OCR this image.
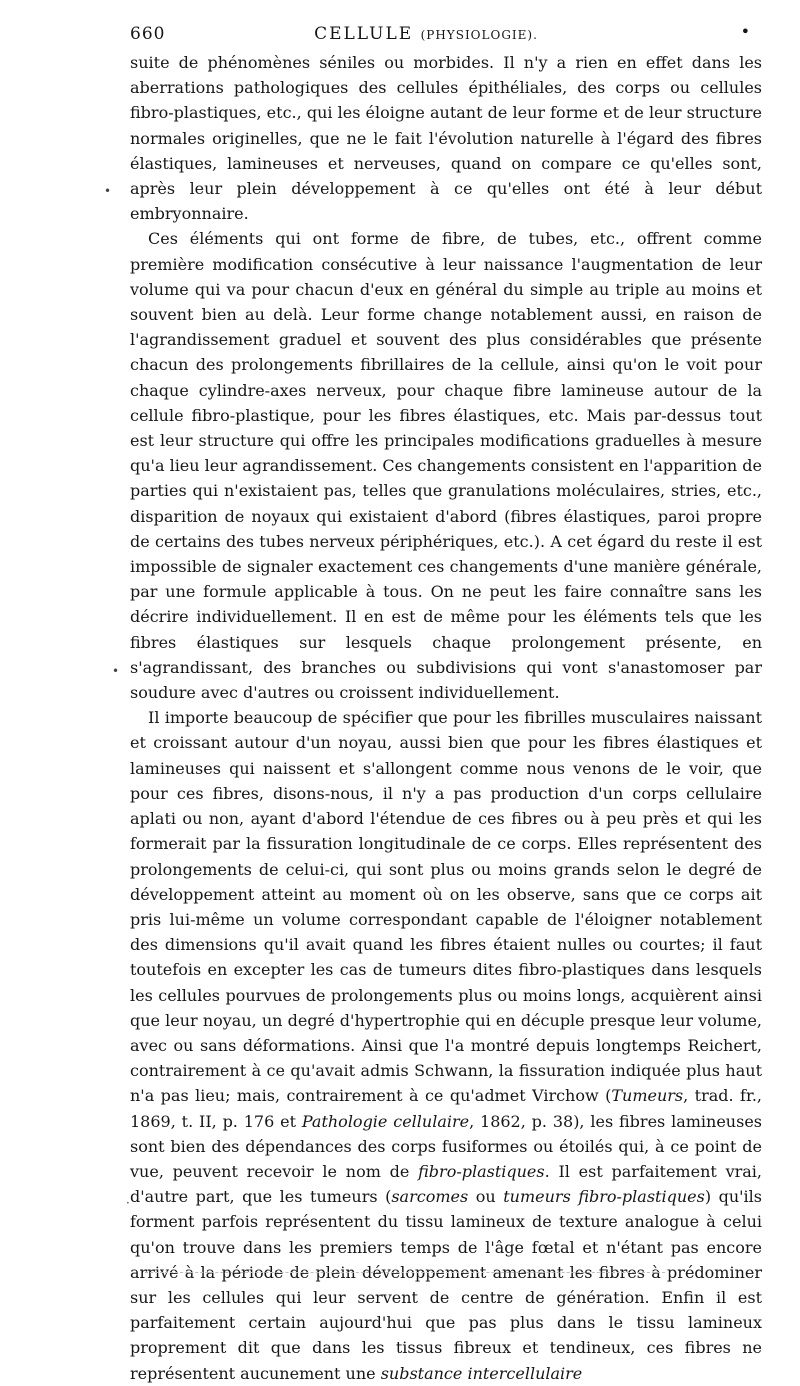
660	CELLULE (PHYSIOLOGIE).	•

suite de phénomènes séniles ou morbides. Il n'y a rien en effet dans les aberrations pathologiques des cellules épithéliales, des corps ou cellules fibro-plastiques, etc., qui les éloigne autant de leur forme et de leur structure normales originelles, que ne le fait l'évolution naturelle à l'égard des fibres élastiques, lamineuses et nerveuses, quand on compare ce qu'elles sont, après leur plein développement à ce qu'elles ont été à leur début embryonnaire.

Ces éléments qui ont forme de fibre, de tubes, etc., offrent comme première modification consécutive à leur naissance l'augmentation de leur volume qui va pour chacun d'eux en général du simple au triple au moins et souvent bien au delà. Leur forme change notablement aussi, en raison de l'agrandissement graduel et souvent des plus considérables que présente chacun des prolongements fibrillaires de la cellule, ainsi qu'on le voit pour chaque cylindre-axes nerveux, pour chaque fibre lamineuse autour de la cellule fibro-plastique, pour les fibres élastiques, etc. Mais par-dessus tout est leur structure qui offre les principales modifications graduelles à mesure qu'a lieu leur agrandissement. Ces changements consistent en l'apparition de parties qui n'existaient pas, telles que granulations moléculaires, stries, etc., disparition de noyaux qui existaient d'abord (fibres élastiques, paroi propre de certains des tubes nerveux périphériques, etc.). A cet égard du reste il est impossible de signaler exactement ces changements d'une manière générale, par une formule applicable à tous. On ne peut les faire connaître sans les décrire individuellement. Il en est de même pour les éléments tels que les fibres élastiques sur lesquels chaque prolongement présente, en s'agrandissant, des branches ou subdivisions qui vont s'anastomoser par soudure avec d'autres ou croissent individuellement.

Il importe beaucoup de spécifier que pour les fibrilles musculaires naissant et croissant autour d'un noyau, aussi bien que pour les fibres élastiques et lamineuses qui naissent et s'allongent comme nous venons de le voir, que pour ces fibres, disons-nous, il n'y a pas production d'un corps cellulaire aplati ou non, ayant d'abord l'étendue de ces fibres ou à peu près et qui les formerait par la fissuration longitudinale de ce corps. Elles représentent des prolongements de celui-ci, qui sont plus ou moins grands selon le degré de développement atteint au moment où on les observe, sans que ce corps ait pris lui-même un volume correspondant capable de l'éloigner notablement des dimensions qu'il avait quand les fibres étaient nulles ou courtes; il faut toutefois en excepter les cas de tumeurs dites fibro-plastiques dans lesquels les cellules pourvues de prolongements plus ou moins longs, acquièrent ainsi que leur noyau, un degré d'hypertrophie qui en décuple presque leur volume, avec ou sans déformations. Ainsi que l'a montré depuis longtemps Reichert, contrairement à ce qu'avait admis Schwann, la fissuration indiquée plus haut n'a pas lieu; mais, contrairement à ce qu'admet Virchow (Tumeurs, trad. fr., 1869, t. II, p. 176 et Pathologie cellulaire, 1862, p. 38), les fibres lamineuses sont bien des dépendances des corps fusiformes ou étoilés qui, à ce point de vue, peuvent recevoir le nom de fibro-plastiques. Il est parfaitement vrai, d'autre part, que les tumeurs (sarcomes ou tumeurs fibro-plastiques) qu'ils forment parfois représentent du tissu lamineux de texture analogue à celui qu'on trouve dans les premiers temps de l'âge fœtal et n'étant pas encore arrivé à la période de plein développement amenant les fibres à prédominer sur les cellules qui leur servent de centre de génération. Enfin il est parfaitement certain aujourd'hui que pas plus dans le tissu lamineux proprement dit que dans les tissus fibreux et tendineux, ces fibres ne représentent aucunement une substance intercellulaire

•
•
·
